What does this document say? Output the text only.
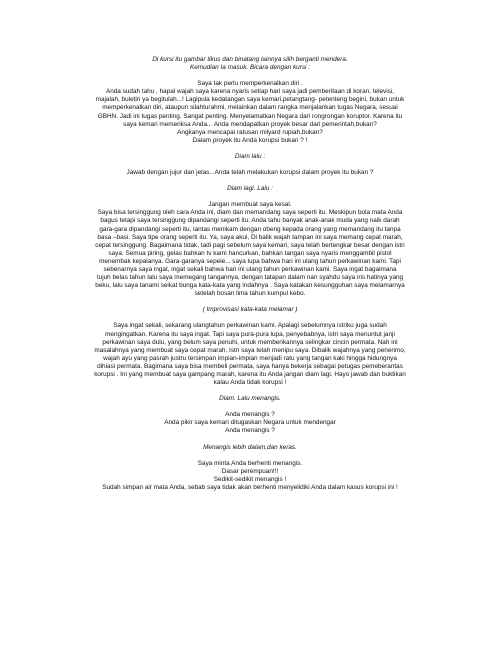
Di kursi itu gambar tikus dan binatang lainnya silih berganti mendera.

Kemudian Ia masuk. Bicara dengan kursi :

Saya tak perlu memperkenalkan diri .

Anda sudah tahu , hapal wajah saya karena nyaris setiap hari saya jadi pemberitaan di koran, televisi,

majalah, buletin ya begitulah...! Lagipula kedatangan saya kemari,petangtang- petenteng begini, bukan untuk

memperkenalkan diri, ataupun silahturahmi, melainkan dalam rangka menjalankan tugas Negara, sesuai

GBHN. Jadi ini tugas penting. Sangat penting. Menyelamatkan Negara dari rongrongan koruptor. Karena itu

saya kemari memeriksa Anda... Anda mendapatkan proyek besar dari pemerintah,bukan?

Angkanya mencapai ratusan milyard rupiah,bukan?

Dalam proyek itu Anda korupsi bukan ? !

Diam lalu :

Jawab dengan jujur dan jelas...Anda telah melakukan korupsi dalam proyek itu bukan ?

Diam lagi. Lalu :

Jangan membuat saya kesal.

Saya bisa tersinggung oleh cara Anda ini, diam dan memandang saya seperti itu. Meskipun bola mata Anda

bagus tetapi saya tersinggung dipandangi seperti itu. Anda tahu banyak anak-anak muda yang naik darah

gara-gara dipandangi seperti itu, lantas menikam dengan obeng kepada orang yang memandang itu tanpa

basa –basi. Saya tipe orang seperti itu. Ya, saya akui, Di balik wajah tampan ini saya memang cepat marah,

cepat tersinggung. Bagaimana tidak, tadi pagi sebelum saya kemari, saya telah bertengkar besar dengan istri

saya. Semua piring, gelas bahkan tv kami hancurkan, bahkan tangan saya nyaris menggambil pistol

menembak kepalanya. Gara-garanya sepele... saya lupa bahwa hari ini ulang tahun perkawinan kami. Tapi

sebenarnya saya ingat, ingat sekali bahwa hari ini ulang tahun perkawinan kami. Saya ingat bagaimana

tujuh belas tahun lalu saya memegang tangannya, dengan tatapan dalam nan syahdu saya iris hatinya yang

beku, lalu saya tanami seikat bunga kata-kata yang indahnya . Saya katakan kesungguhan saya melamarnya

setelah bosan lima tahun kumpul kebo.

( Improvisasi kata-kata melamar )

Saya ingat sekali, sekarang ulangtahun perkawinan kami. Apalagi sebelumnya istriku juga sudah

mengingatkan. Karena itu saya ingat. Tapi saya pura-pura lupa, penyebabnya, istri saya menuntut janji

perkawinan saya dulu, yang belum saya penuhi, untuk memberikannya selingkar cincin permata. Nah ini

masalahnya yang membuat saya cepat marah. Istri saya telah menipu saya. Dibalik wajahnya yang penerimo,

wajah ayu yang pasrah justru tersimpan impian-impian menjadi ratu yang tangan kaki hingga hidungnya

dihiasi permata. Bagimana saya bisa membeli permata, saya hanya bekerja sebagai petugas pemeberantas

korupsi . Ini yang membuat saya gampang marah, karena itu Anda jangan diam lagi. Hayo jawab dan buktikan

kalau Anda tidak korupsi !

Diam. Lalu menangis.

Anda menangis ?

Anda pikir saya kemari ditugaskan Negara untuk mendengar

Anda menangis ?

Menangis lebih dalam,dan keras.

Saya minta Anda berhenti menangis.

Dasar perempuan!!!

Sedikit-sedikit menangis !

Sudah simpan air mata Anda, sebab saya tidak akan berhenti menyelidiki Anda dalam kasus korupsi ini !
